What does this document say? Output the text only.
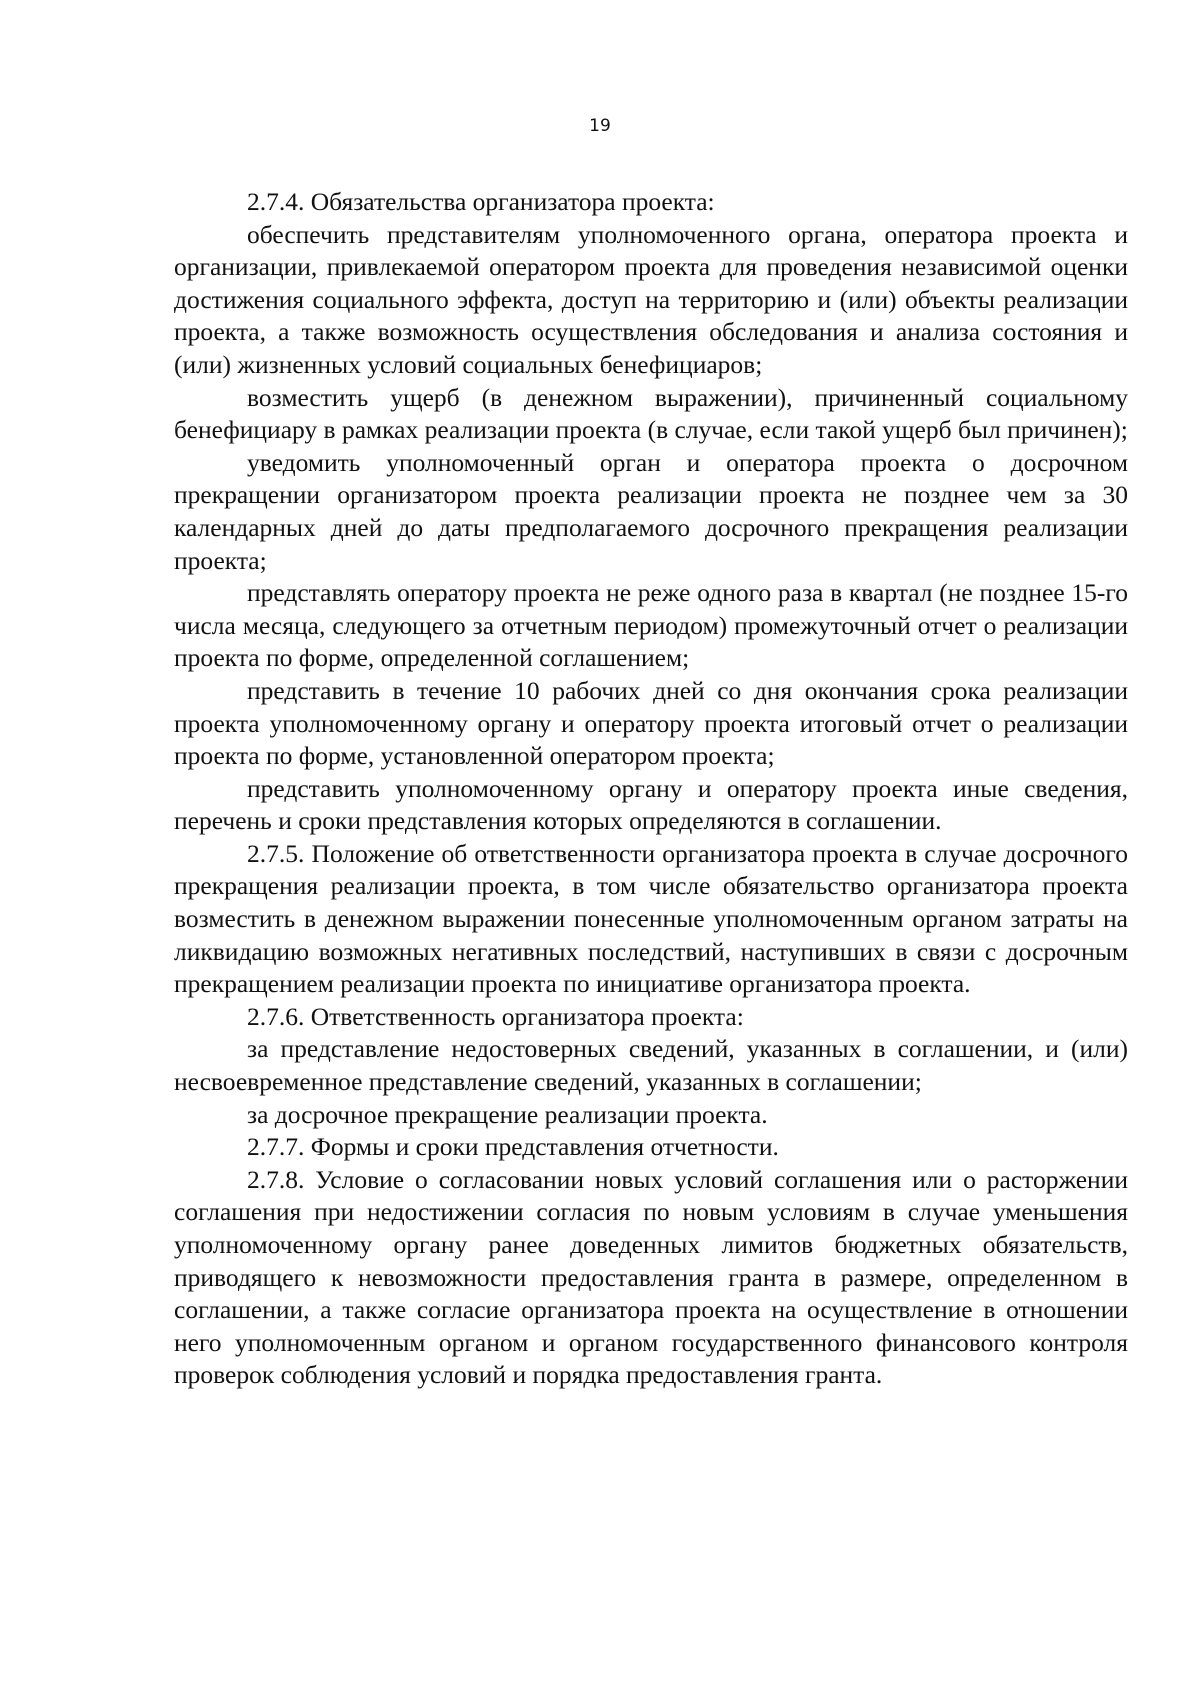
19

2.7.4. Обязательства организатора проекта:

обеспечить представителям уполномоченного органа, оператора проекта и организации, привлекаемой оператором проекта для проведения независимой оценки достижения социального эффекта, доступ на территорию и (или) объекты реализации проекта, а также возможность осуществления обследования и анализа состояния и (или) жизненных условий социальных бенефициаров;

возместить ущерб (в денежном выражении), причиненный социальному бенефициару в рамках реализации проекта (в случае, если такой ущерб был причинен);

уведомить уполномоченный орган и оператора проекта о досрочном прекращении организатором проекта реализации проекта не позднее чем за 30 календарных дней до даты предполагаемого досрочного прекращения реализации проекта;

представлять оператору проекта не реже одного раза в квартал (не позднее 15-го числа месяца, следующего за отчетным периодом) промежуточный отчет о реализации проекта по форме, определенной соглашением;

представить в течение 10 рабочих дней со дня окончания срока реализации проекта уполномоченному органу и оператору проекта итоговый отчет о реализации проекта по форме, установленной оператором проекта;

представить уполномоченному органу и оператору проекта иные сведения, перечень и сроки представления которых определяются в соглашении.

2.7.5. Положение об ответственности организатора проекта в случае досрочного прекращения реализации проекта, в том числе обязательство организатора проекта возместить в денежном выражении понесенные уполномоченным органом затраты на ликвидацию возможных негативных последствий, наступивших в связи с досрочным прекращением реализации проекта по инициативе организатора проекта.

2.7.6. Ответственность организатора проекта:

за представление недостоверных сведений, указанных в соглашении, и (или) несвоевременное представление сведений, указанных в соглашении;

за досрочное прекращение реализации проекта.

2.7.7. Формы и сроки представления отчетности.

2.7.8. Условие о согласовании новых условий соглашения или о расторжении соглашения при недостижении согласия по новым условиям в случае уменьшения уполномоченному органу ранее доведенных лимитов бюджетных обязательств, приводящего к невозможности предоставления гранта в размере, определенном в соглашении, а также согласие организатора проекта на осуществление в отношении него уполномоченным органом и органом государственного финансового контроля проверок соблюдения условий и порядка предоставления гранта.
